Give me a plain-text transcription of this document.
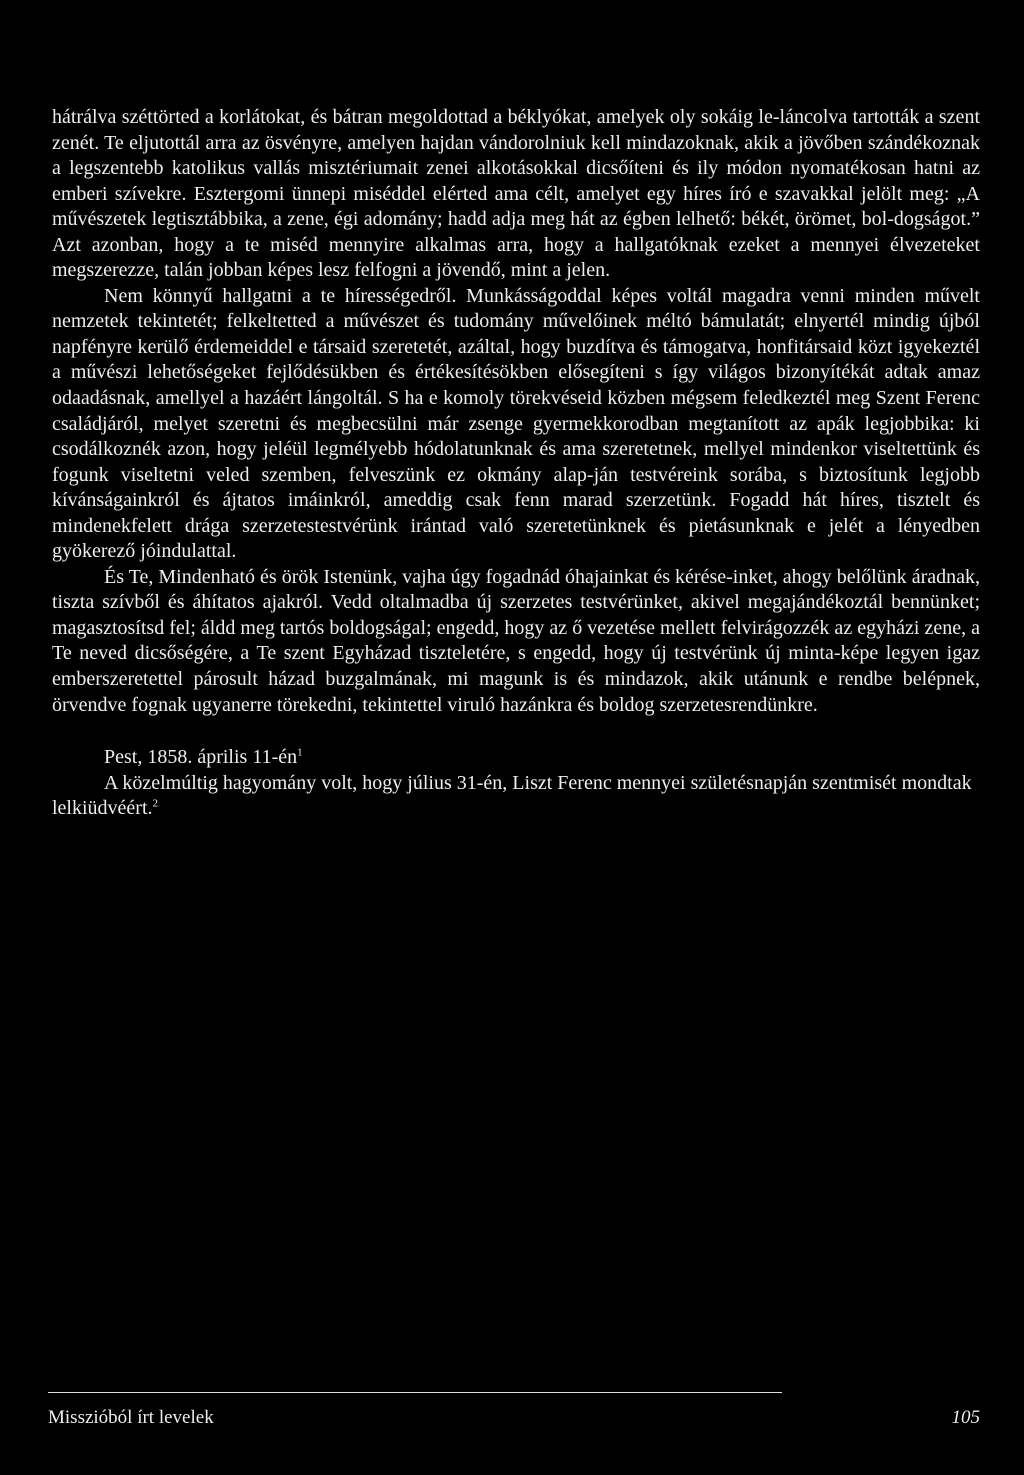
hátrálva széttörted a korlátokat, és bátran megoldottad a béklyókat, amelyek oly sokáig le-láncolva tartották a szent zenét. Te eljutottál arra az ösvényre, amelyen hajdan vándorolniuk kell mindazoknak, akik a jövőben szándékoznak a legszentebb katolikus vallás misztériumait zenei alkotásokkal dicsőíteni és ily módon nyomatékosan hatni az emberi szívekre. Esztergomi ünnepi miséddel elérted ama célt, amelyet egy híres író e szavakkal jelölt meg: „A művészetek legtisztábbika, a zene, égi adomány; hadd adja meg hát az égben lelhető: békét, örömet, bol-dogságot.” Azt azonban, hogy a te miséd mennyire alkalmas arra, hogy a hallgatóknak ezeket a mennyei élvezeteket megszerezze, talán jobban képes lesz felfogni a jövendő, mint a jelen.

Nem könnyű hallgatni a te hírességedről. Munkásságoddal képes voltál magadra venni minden művelt nemzetek tekintetét; felkeltetted a művészet és tudomány művelőinek méltó bámulatát; elnyertél mindig újból napfényre kerülő érdemeiddel e társaid szeretetét, azáltal, hogy buzdítva és támogatva, honfitársaid közt igyekeztél a művészi lehetőségeket fejlődésükben és értékesítésökben elősegíteni s így világos bizonyítékát adtak amaz odaadásnak, amellyel a hazáért lángoltál. S ha e komoly törekvéseid közben mégsem feledkeztél meg Szent Ferenc családjáról, melyet szeretni és megbecsülni már zsenge gyermekkorodban megtanított az apák legjobbika: ki csodálkoznék azon, hogy jeléül legmélyebb hódolatunknak és ama szeretetnek, mellyel mindenkor viseltettünk és fogunk viseltetni veled szemben, felveszünk ez okmány alap-ján testvéreink sorába, s biztosítunk legjobb kívánságainkról és ájtatos imáinkról, ameddig csak fenn marad szerzetünk. Fogadd hát híres, tisztelt és mindenekfelett drága szerzetestestvérünk irántad való szeretetünknek és pietásunknak e jelét a lényedben gyökerező jóindulattal.

És Te, Mindenható és örök Istenünk, vajha úgy fogadnád óhajainkat és kérése-inket, ahogy belőlünk áradnak, tiszta szívből és áhítatos ajakról. Vedd oltalmadba új szerzetes testvérünket, akivel megajándékoztál bennünket; magasztosítsd fel; áldd meg tartós boldogságal; engedd, hogy az ő vezetése mellett felvirágozzék az egyházi zene, a Te neved dicsőségére, a Te szent Egyházad tiszteletére, s engedd, hogy új testvérünk új minta-képe legyen igaz emberszeretettel párosult házad buzgalmának, mi magunk is és mindazok, akik utánunk e rendbe belépnek, örvendve fognak ugyanerre törekedni, tekintettel viruló hazánkra és boldog szerzetesrendünkre.

Pest, 1858. április $11-én^1$

A közelmúltig hagyomány volt, hogy július 31-én, Liszt Ferenc mennyei születésnapján szentmisét mondtak lelkiüdvéért.$^2$

Misszióból írt levelek	105
